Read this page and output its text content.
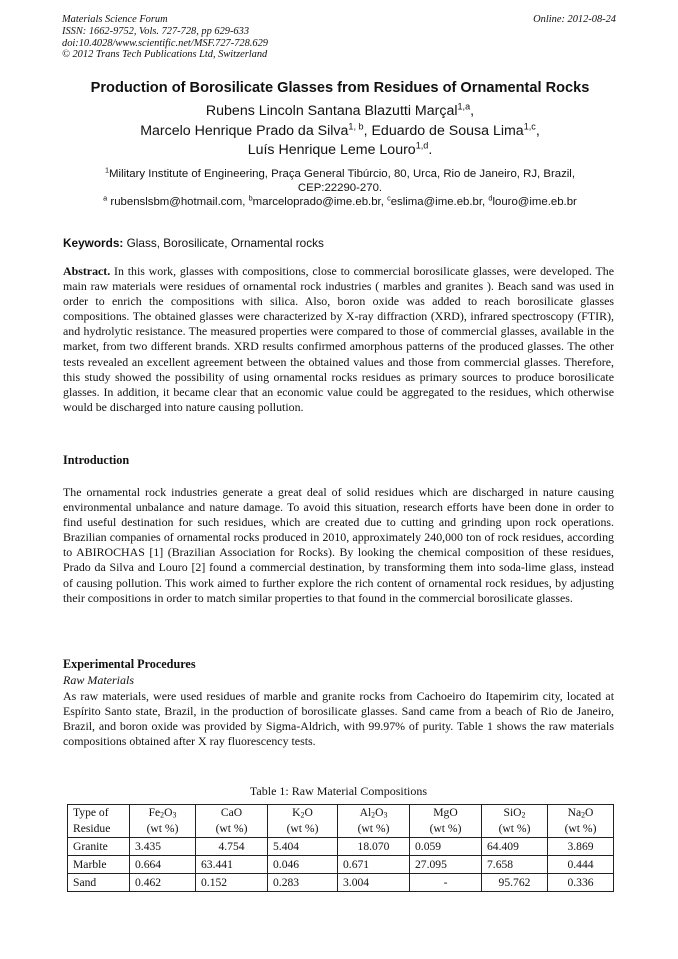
Materials Science Forum
ISSN: 1662-9752, Vols. 727-728, pp 629-633
doi:10.4028/www.scientific.net/MSF.727-728.629
© 2012 Trans Tech Publications Ltd, Switzerland
Online: 2012-08-24
Production of Borosilicate Glasses from Residues of Ornamental Rocks
Rubens Lincoln Santana Blazutti Marçal$^{1,a}$,
Marcelo Henrique Prado da Silva$^{1, b}$, Eduardo de Sousa Lima$^{1,c}$,
Luís Henrique Leme Louro$^{1,d}$.
$^1$Military Institute of Engineering, Praça General Tibúrcio, 80, Urca, Rio de Janeiro, RJ, Brazil,
CEP:22290-270.
$^a$ rubenslsbm@hotmail.com, $^b$marceloprado@ime.eb.br, $^c$eslima@ime.eb.br, $^d$louro@ime.eb.br
Keywords: Glass, Borosilicate, Ornamental rocks
Abstract. In this work, glasses with compositions, close to commercial borosilicate glasses, were developed. The main raw materials were residues of ornamental rock industries ( marbles and granites ). Beach sand was used in order to enrich the compositions with silica. Also, boron oxide was added to reach borosilicate glasses compositions. The obtained glasses were characterized by X-ray diffraction (XRD), infrared spectroscopy (FTIR), and hydrolytic resistance. The measured properties were compared to those of commercial glasses, available in the market, from two different brands. XRD results confirmed amorphous patterns of the produced glasses. The other tests revealed an excellent agreement between the obtained values and those from commercial glasses. Therefore, this study showed the possibility of using ornamental rocks residues as primary sources to produce borosilicate glasses. In addition, it became clear that an economic value could be aggregated to the residues, which otherwise would be discharged into nature causing pollution.
Introduction
The ornamental rock industries generate a great deal of solid residues which are discharged in nature causing environmental unbalance and nature damage. To avoid this situation, research efforts have been done in order to find useful destination for such residues, which are created due to cutting and grinding upon rock operations. Brazilian companies of ornamental rocks produced in 2010, approximately 240,000 ton of rock residues, according to ABIROCHAS [1] (Brazilian Association for Rocks). By looking the chemical composition of these residues, Prado da Silva and Louro [2] found a commercial destination, by transforming them into soda-lime glass, instead of causing pollution. This work aimed to further explore the rich content of ornamental rock residues, by adjusting their compositions in order to match similar properties to that found in the commercial borosilicate glasses.
Experimental Procedures
Raw Materials
As raw materials, were used residues of marble and granite rocks from Cachoeiro do Itapemirim city, located at Espírito Santo state, Brazil, in the production of borosilicate glasses. Sand came from a beach of Rio de Janeiro, Brazil, and boron oxide was provided by Sigma-Aldrich, with 99.97% of purity. Table 1 shows the raw materials compositions obtained after X ray fluorescency tests.
Table 1: Raw Material Compositions
Type of	$Fe_2O_3$	CaO	$K_2O$	$Al_2O_3$	MgO	SiO$_2$	$Na_2O$
Residue	(wt %)	(wt %)	(wt %)	(wt %)	(wt %)	(wt %)	(wt %)
Granite	3.435	4.754	5.404	18.070	0.059	64.409	3.869
Marble	0.664	63.441	0.046	0.671	27.095	7.658	0.444
Sand	0.462	0.152	0.283	3.004	-	95.762	0.336
